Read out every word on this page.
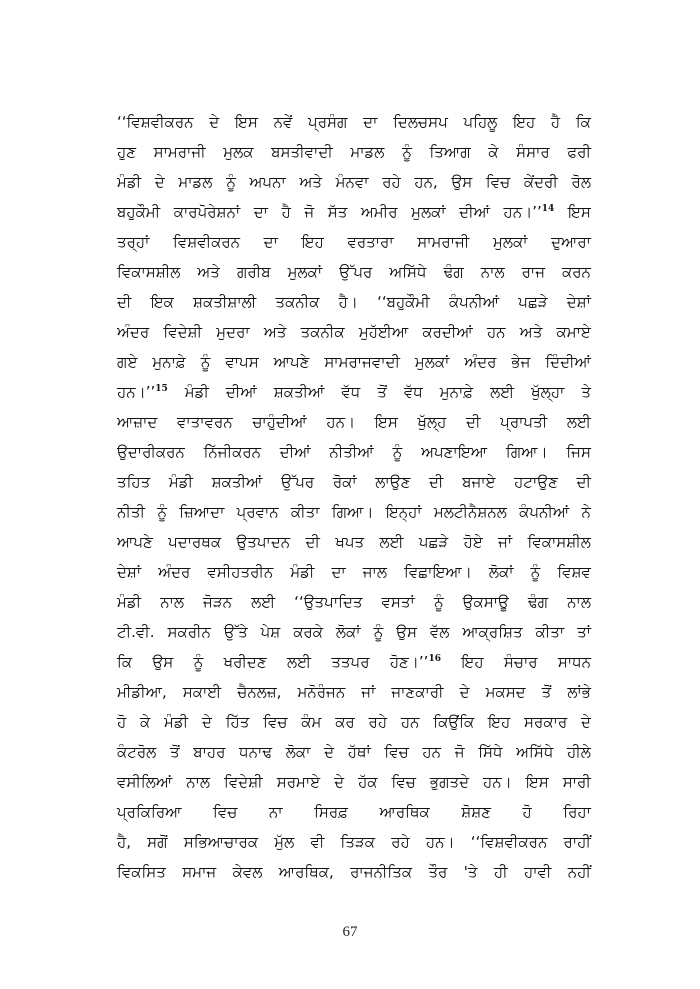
‘‘ਵਿਸ਼ਵੀਕਰਨ ਦੇ ਇਸ ਨਵੇਂ ਪ੍ਰਸੰਗ ਦਾ ਦਿਲਚਸਪ ਪਹਿਲੂ ਇਹ ਹੈ ਕਿ
ਹੁਣ ਸਾਮਰਾਜੀ ਮੁਲਕ ਬਸਤੀਵਾਦੀ ਮਾਡਲ ਨੂੰ ਤਿਆਗ ਕੇ ਸੰਸਾਰ ਫਰੀ
ਮੰਡੀ ਦੇ ਮਾਡਲ ਨੂੰ ਅਪਨਾ ਅਤੇ ਮੰਨਵਾ ਰਹੇ ਹਨ, ਉਸ ਵਿਚ ਕੇਂਦਰੀ ਰੋਲ
ਬਹੁਕੌਮੀ ਕਾਰਪੋਰੇਸ਼ਨਾਂ ਦਾ ਹੈ ਜੋ ਸੱਤ ਅਮੀਰ ਮੁਲਕਾਂ ਦੀਆਂ ਹਨ।’’$^{14}$ ਇਸ
ਤਰ੍ਹਾਂ ਵਿਸ਼ਵੀਕਰਨ ਦਾ ਇਹ ਵਰਤਾਰਾ ਸਾਮਰਾਜੀ ਮੁਲਕਾਂ ਦੁਆਰਾ
ਵਿਕਾਸਸ਼ੀਲ ਅਤੇ ਗਰੀਬ ਮੁਲਕਾਂ ਉੱਪਰ ਅਸਿੱਧੇ ਢੰਗ ਨਾਲ ਰਾਜ ਕਰਨ
ਦੀ ਇਕ ਸ਼ਕਤੀਸ਼ਾਲੀ ਤਕਨੀਕ ਹੈ। ‘‘ਬਹੁਕੌਮੀ ਕੰਪਨੀਆਂ ਪਛੜੇ ਦੇਸ਼ਾਂ
ਅੰਦਰ ਵਿਦੇਸ਼ੀ ਮੁਦਰਾ ਅਤੇ ਤਕਨੀਕ ਮੁਹੱਈਆ ਕਰਦੀਆਂ ਹਨ ਅਤੇ ਕਮਾਏ
ਗਏ ਮੁਨਾਫ਼ੇ ਨੂੰ ਵਾਪਸ ਆਪਣੇ ਸਾਮਰਾਜਵਾਦੀ ਮੁਲਕਾਂ ਅੰਦਰ ਭੇਜ ਦਿੰਦੀਆਂ
ਹਨ।’’$^{15}$ ਮੰਡੀ ਦੀਆਂ ਸ਼ਕਤੀਆਂ ਵੱਧ ਤੋਂ ਵੱਧ ਮੁਨਾਫ਼ੇ ਲਈ ਖੁੱਲ੍ਹਾ ਤੇ
ਆਜ਼ਾਦ ਵਾਤਾਵਰਨ ਚਾਹੁੰਦੀਆਂ ਹਨ। ਇਸ ਖੁੱਲ੍ਹ ਦੀ ਪ੍ਰਾਪਤੀ ਲਈ
ਉਦਾਰੀਕਰਨ ਨਿੱਜੀਕਰਨ ਦੀਆਂ ਨੀਤੀਆਂ ਨੂੰ ਅਪਣਾਇਆ ਗਿਆ। ਜਿਸ
ਤਹਿਤ ਮੰਡੀ ਸ਼ਕਤੀਆਂ ਉੱਪਰ ਰੋਕਾਂ ਲਾਉਣ ਦੀ ਬਜਾਏ ਹਟਾਉਣ ਦੀ
ਨੀਤੀ ਨੂੰ ਜ਼ਿਆਦਾ ਪ੍ਰਵਾਨ ਕੀਤਾ ਗਿਆ। ਇਨ੍ਹਾਂ ਮਲਟੀਨੈਸ਼ਨਲ ਕੰਪਨੀਆਂ ਨੇ
ਆਪਣੇ ਪਦਾਰਥਕ ਉਤਪਾਦਨ ਦੀ ਖਪਤ ਲਈ ਪਛੜੇ ਹੋਏ ਜਾਂ ਵਿਕਾਸਸ਼ੀਲ
ਦੇਸ਼ਾਂ ਅੰਦਰ ਵਸੀਹਤਰੀਨ ਮੰਡੀ ਦਾ ਜਾਲ ਵਿਛਾਇਆ। ਲੋਕਾਂ ਨੂੰ ਵਿਸ਼ਵ
ਮੰਡੀ ਨਾਲ ਜੋੜਨ ਲਈ ‘‘ਉਤਪਾਦਿਤ ਵਸਤਾਂ ਨੂੰ ਉਕਸਾਊ ਢੰਗ ਨਾਲ
ਟੀ.ਵੀ. ਸਕਰੀਨ ਉੱਤੇ ਪੇਸ਼ ਕਰਕੇ ਲੋਕਾਂ ਨੂੰ ਉਸ ਵੱਲ ਆਕ੍ਰਸ਼ਿਤ ਕੀਤਾ ਤਾਂ
ਕਿ ਉਸ ਨੂੰ ਖਰੀਦਣ ਲਈ ਤਤਪਰ ਹੋਣ।’’$^{16}$ ਇਹ ਸੰਚਾਰ ਸਾਧਨ
ਮੀਡੀਆ, ਸਕਾਈ ਚੈਨਲਜ਼, ਮਨੋਰੰਜਨ ਜਾਂ ਜਾਣਕਾਰੀ ਦੇ ਮਕਸਦ ਤੋਂ ਲਾਂਭੇ
ਹੋ ਕੇ ਮੰਡੀ ਦੇ ਹਿੱਤ ਵਿਚ ਕੰਮ ਕਰ ਰਹੇ ਹਨ ਕਿਉਂਕਿ ਇਹ ਸਰਕਾਰ ਦੇ
ਕੰਟਰੋਲ ਤੋਂ ਬਾਹਰ ਧਨਾਢ ਲੋਕਾ ਦੇ ਹੱਥਾਂ ਵਿਚ ਹਨ ਜੋ ਸਿੱਧੇ ਅਸਿੱਧੇ ਹੀਲੇ
ਵਸੀਲਿਆਂ ਨਾਲ ਵਿਦੇਸ਼ੀ ਸਰਮਾਏ ਦੇ ਹੱਕ ਵਿਚ ਭੁਗਤਦੇ ਹਨ। ਇਸ ਸਾਰੀ
ਪ੍ਰਕਿਰਿਆ ਵਿਚ ਨਾ ਸਿਰਫ਼ ਆਰਥਿਕ ਸ਼ੋਸ਼ਣ ਹੋ ਰਿਹਾ
ਹੈ, ਸਗੋਂ ਸਭਿਆਚਾਰਕ ਮੁੱਲ ਵੀ ਤਿੜਕ ਰਹੇ ਹਨ। ‘‘ਵਿਸ਼ਵੀਕਰਨ ਰਾਹੀਂ
ਵਿਕਸਿਤ ਸਮਾਜ ਕੇਵਲ ਆਰਥਿਕ, ਰਾਜਨੀਤਿਕ ਤੌਰ 'ਤੇ ਹੀ ਹਾਵੀ ਨਹੀਂ
67
